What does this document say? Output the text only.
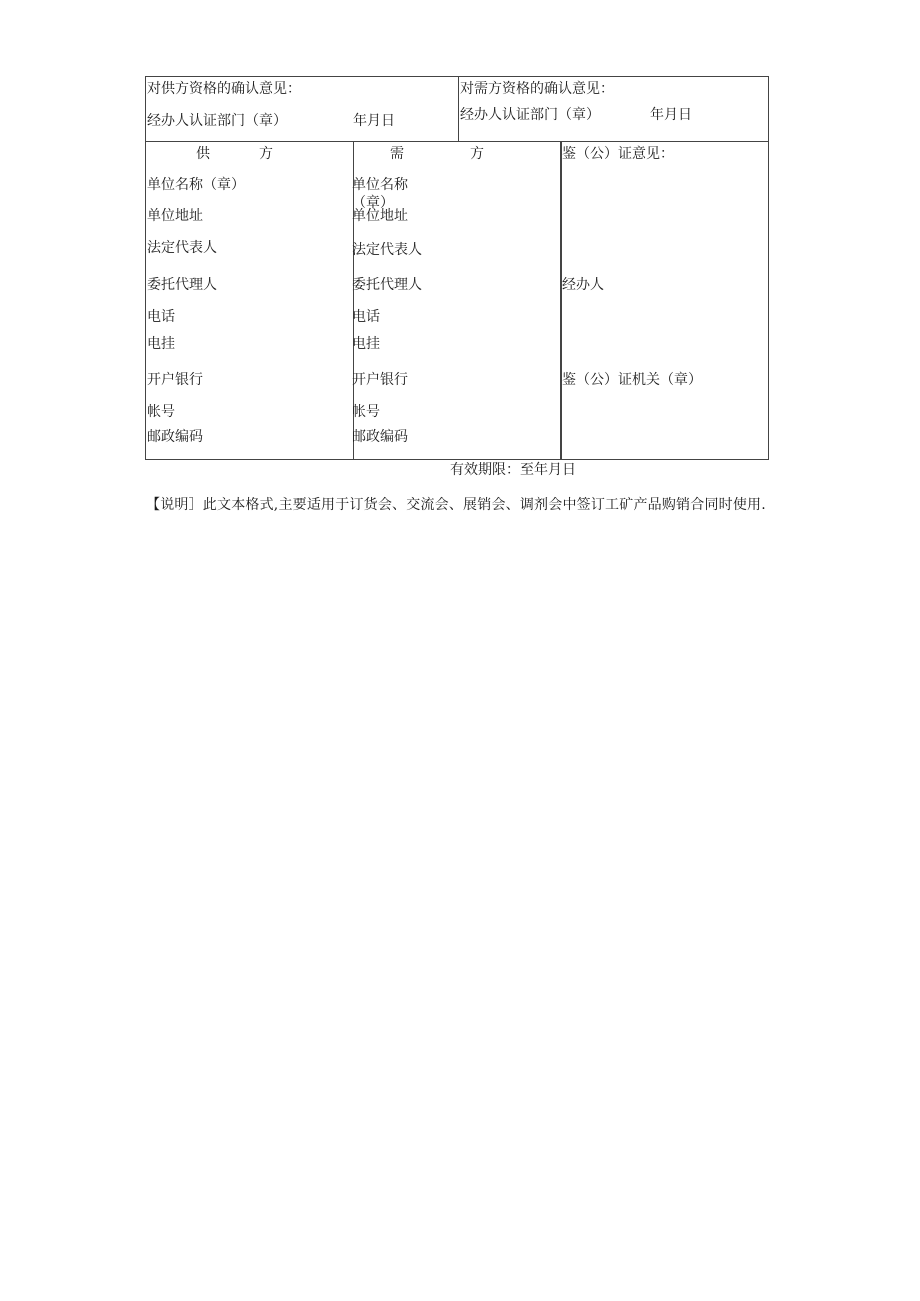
对供方资格的确认意见：
经办人认证部门（章）	年月日
对需方资格的确认意见：
经办人认证部门（章）	年月日
供	方
单位名称（章）
单位地址
法定代表人
委托代理人
电话
电挂
开户银行
帐号
邮政编码
需	方
单位名称
（章）
单位地址
法定代表人
委托代理人
电话
电挂
开户银行
帐号
邮政编码
鉴（公）证意见：
经办人
鉴（公）证机关（章）
有效期限：至年月日
【说明］此文本格式,主要适用于订货会、交流会、展销会、调剂会中签订工矿产品购销合同时使用.
